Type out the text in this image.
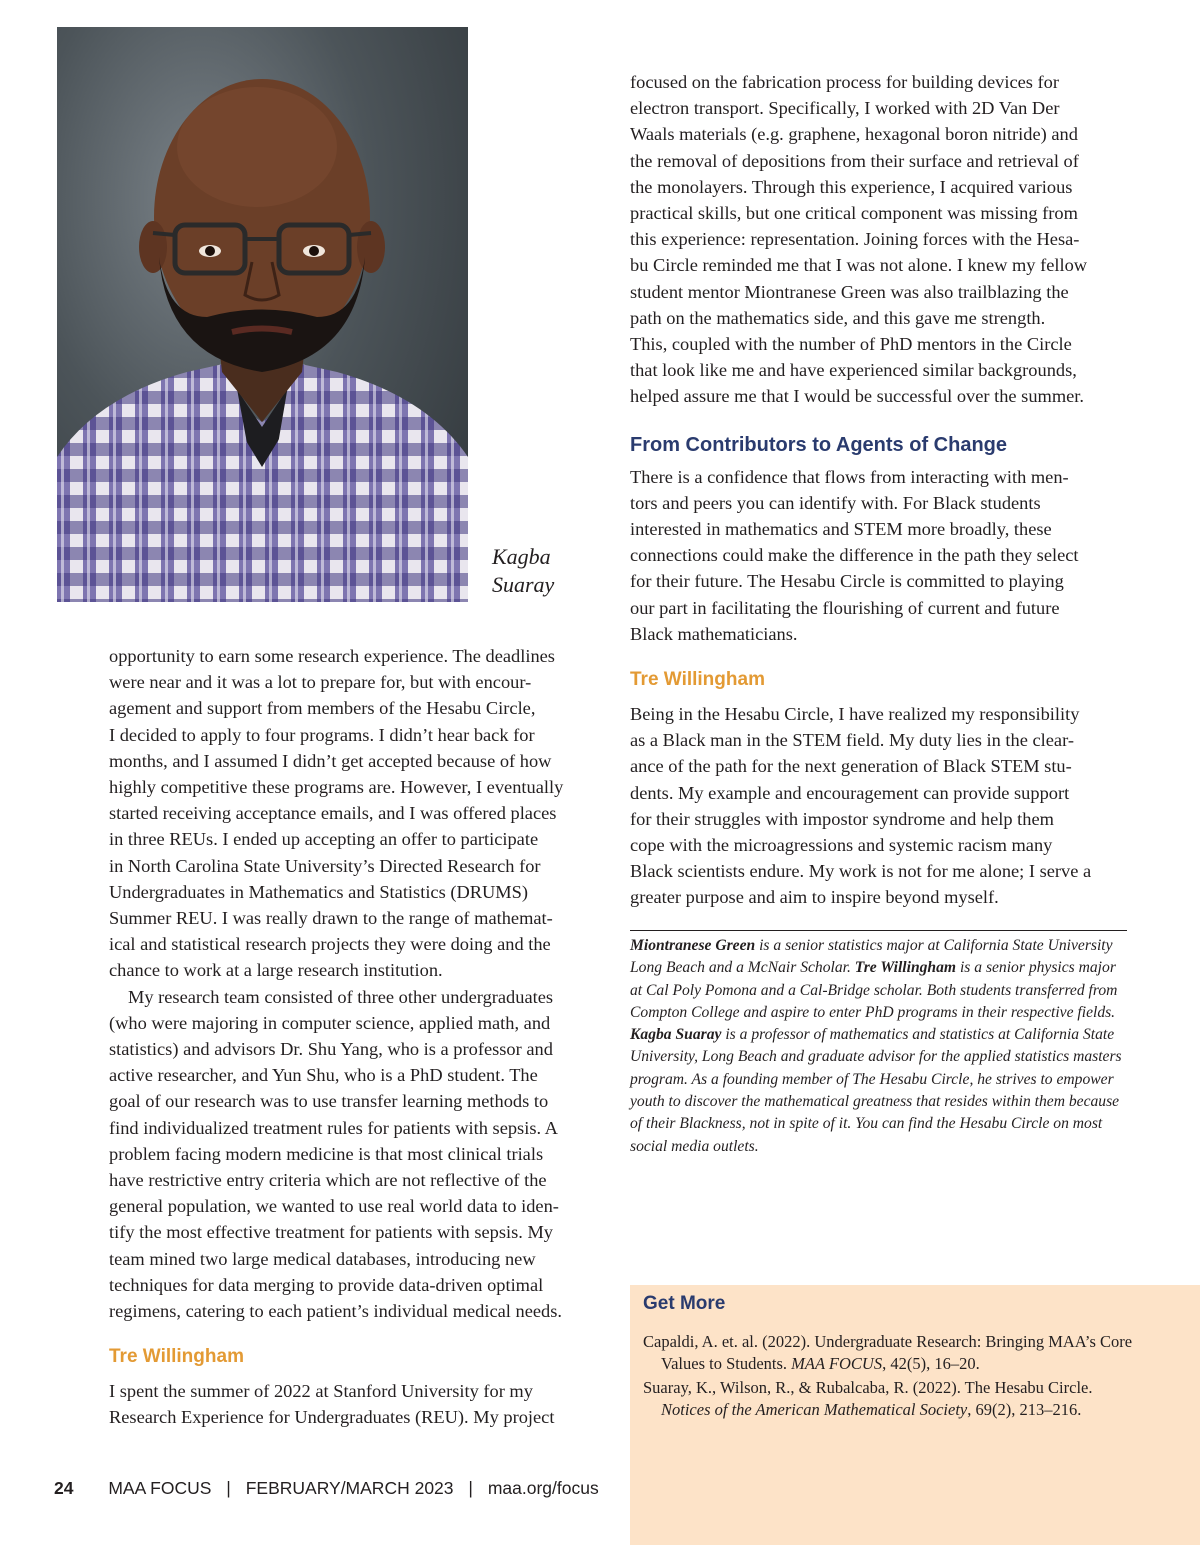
Kagba
Suaray

opportunity to earn some research experience. The deadlines
were near and it was a lot to prepare for, but with encour-
agement and support from members of the Hesabu Circle,
I decided to apply to four programs. I didn’t hear back for
months, and I assumed I didn’t get accepted because of how
highly competitive these programs are. However, I eventually
started receiving acceptance emails, and I was offered places
in three REUs. I ended up accepting an offer to participate
in North Carolina State University’s Directed Research for
Undergraduates in Mathematics and Statistics (DRUMS)
Summer REU. I was really drawn to the range of mathemat-
ical and statistical research projects they were doing and the
chance to work at a large research institution.

My research team consisted of three other undergraduates
(who were majoring in computer science, applied math, and
statistics) and advisors Dr. Shu Yang, who is a professor and
active researcher, and Yun Shu, who is a PhD student. The
goal of our research was to use transfer learning methods to
find individualized treatment rules for patients with sepsis. A
problem facing modern medicine is that most clinical trials
have restrictive entry criteria which are not reflective of the
general population, we wanted to use real world data to iden-
tify the most effective treatment for patients with sepsis. My
team mined two large medical databases, introducing new
techniques for data merging to provide data-driven optimal
regimens, catering to each patient’s individual medical needs.

Tre Willingham

I spent the summer of 2022 at Stanford University for my
Research Experience for Undergraduates (REU). My project

focused on the fabrication process for building devices for
electron transport. Specifically, I worked with 2D Van Der
Waals materials (e.g. graphene, hexagonal boron nitride) and
the removal of depositions from their surface and retrieval of
the monolayers. Through this experience, I acquired various
practical skills, but one critical component was missing from
this experience: representation. Joining forces with the Hesa-
bu Circle reminded me that I was not alone. I knew my fellow
student mentor Miontranese Green was also trailblazing the
path on the mathematics side, and this gave me strength.
This, coupled with the number of PhD mentors in the Circle
that look like me and have experienced similar backgrounds,
helped assure me that I would be successful over the summer.

From Contributors to Agents of Change

There is a confidence that flows from interacting with men-
tors and peers you can identify with. For Black students
interested in mathematics and STEM more broadly, these
connections could make the difference in the path they select
for their future. The Hesabu Circle is committed to playing
our part in facilitating the flourishing of current and future
Black mathematicians.

Tre Willingham

Being in the Hesabu Circle, I have realized my responsibility
as a Black man in the STEM field. My duty lies in the clear-
ance of the path for the next generation of Black STEM stu-
dents. My example and encouragement can provide support
for their struggles with impostor syndrome and help them
cope with the microagressions and systemic racism many
Black scientists endure. My work is not for me alone; I serve a
greater purpose and aim to inspire beyond myself.

Miontranese Green is a senior statistics major at California State University Long Beach and a McNair Scholar. Tre Willingham is a senior physics major at Cal Poly Pomona and a Cal-Bridge scholar. Both students transferred from Compton College and aspire to enter PhD programs in their respective fields. Kagba Suaray is a professor of mathematics and statistics at California State University, Long Beach and graduate advisor for the applied statistics masters program. As a founding member of The Hesabu Circle, he strives to empower youth to discover the mathematical greatness that resides within them because of their Blackness, not in spite of it. You can find the Hesabu Circle on most social media outlets.
Get More

Capaldi, A. et. al. (2022). Undergraduate Research: Bringing MAA’s Core Values to Students. MAA FOCUS, 42(5), 16–20.

Suaray, K., Wilson, R., & Rubalcaba, R. (2022). The Hesabu Circle. Notices of the American Mathematical Society, 69(2), 213–216.

24 MAA FOCUS | FEBRUARY/MARCH 2023 | maa.org/focus
